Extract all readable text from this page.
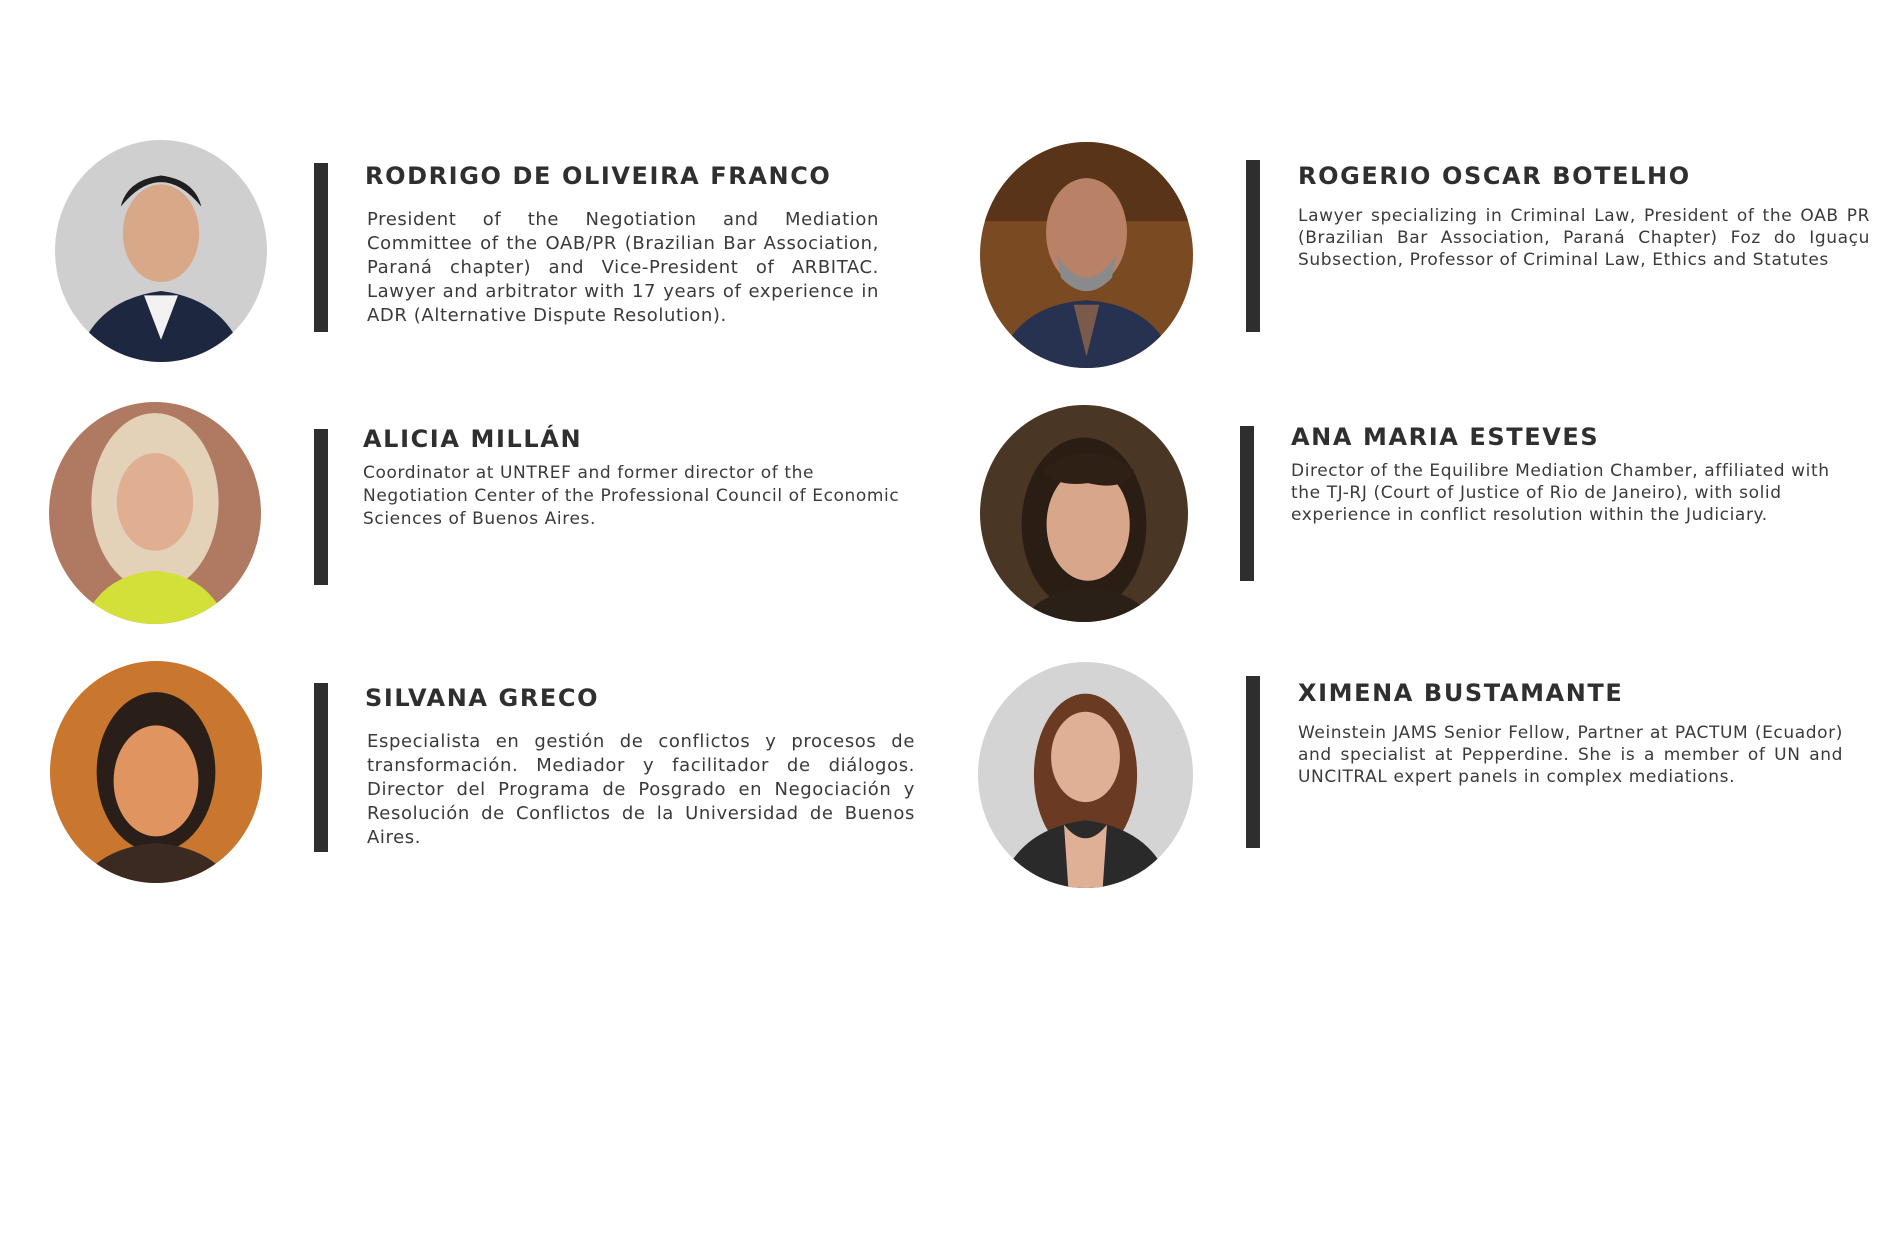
RODRIGO DE OLIVEIRA FRANCO

President of the Negotiation and Mediation Committee of the OAB/PR (Brazilian Bar Association, Paraná chapter) and Vice-President of ARBITAC. Lawyer and arbitrator with 17 years of experience in ADR (Alternative Dispute Resolution).

ROGERIO OSCAR BOTELHO

Lawyer specializing in Criminal Law, President of the OAB PR (Brazilian Bar Association, Paraná Chapter) Foz do Iguaçu Subsection, Professor of Criminal Law, Ethics and Statutes

ALICIA MILLÁN

Coordinator at UNTREF and former director of the Negotiation Center of the Professional Council of Economic Sciences of Buenos Aires.

ANA MARIA ESTEVES

Director of the Equilibre Mediation Chamber, affiliated with the TJ-RJ (Court of Justice of Rio de Janeiro), with solid experience in conflict resolution within the Judiciary.

SILVANA GRECO

Especialista en gestión de conflictos y procesos de transformación. Mediador y facilitador de diálogos. Director del Programa de Posgrado en Negociación y Resolución de Conflictos de la Universidad de Buenos Aires.

XIMENA BUSTAMANTE

Weinstein JAMS Senior Fellow, Partner at PACTUM (Ecuador) and specialist at Pepperdine. She is a member of UN and UNCITRAL expert panels in complex mediations.
